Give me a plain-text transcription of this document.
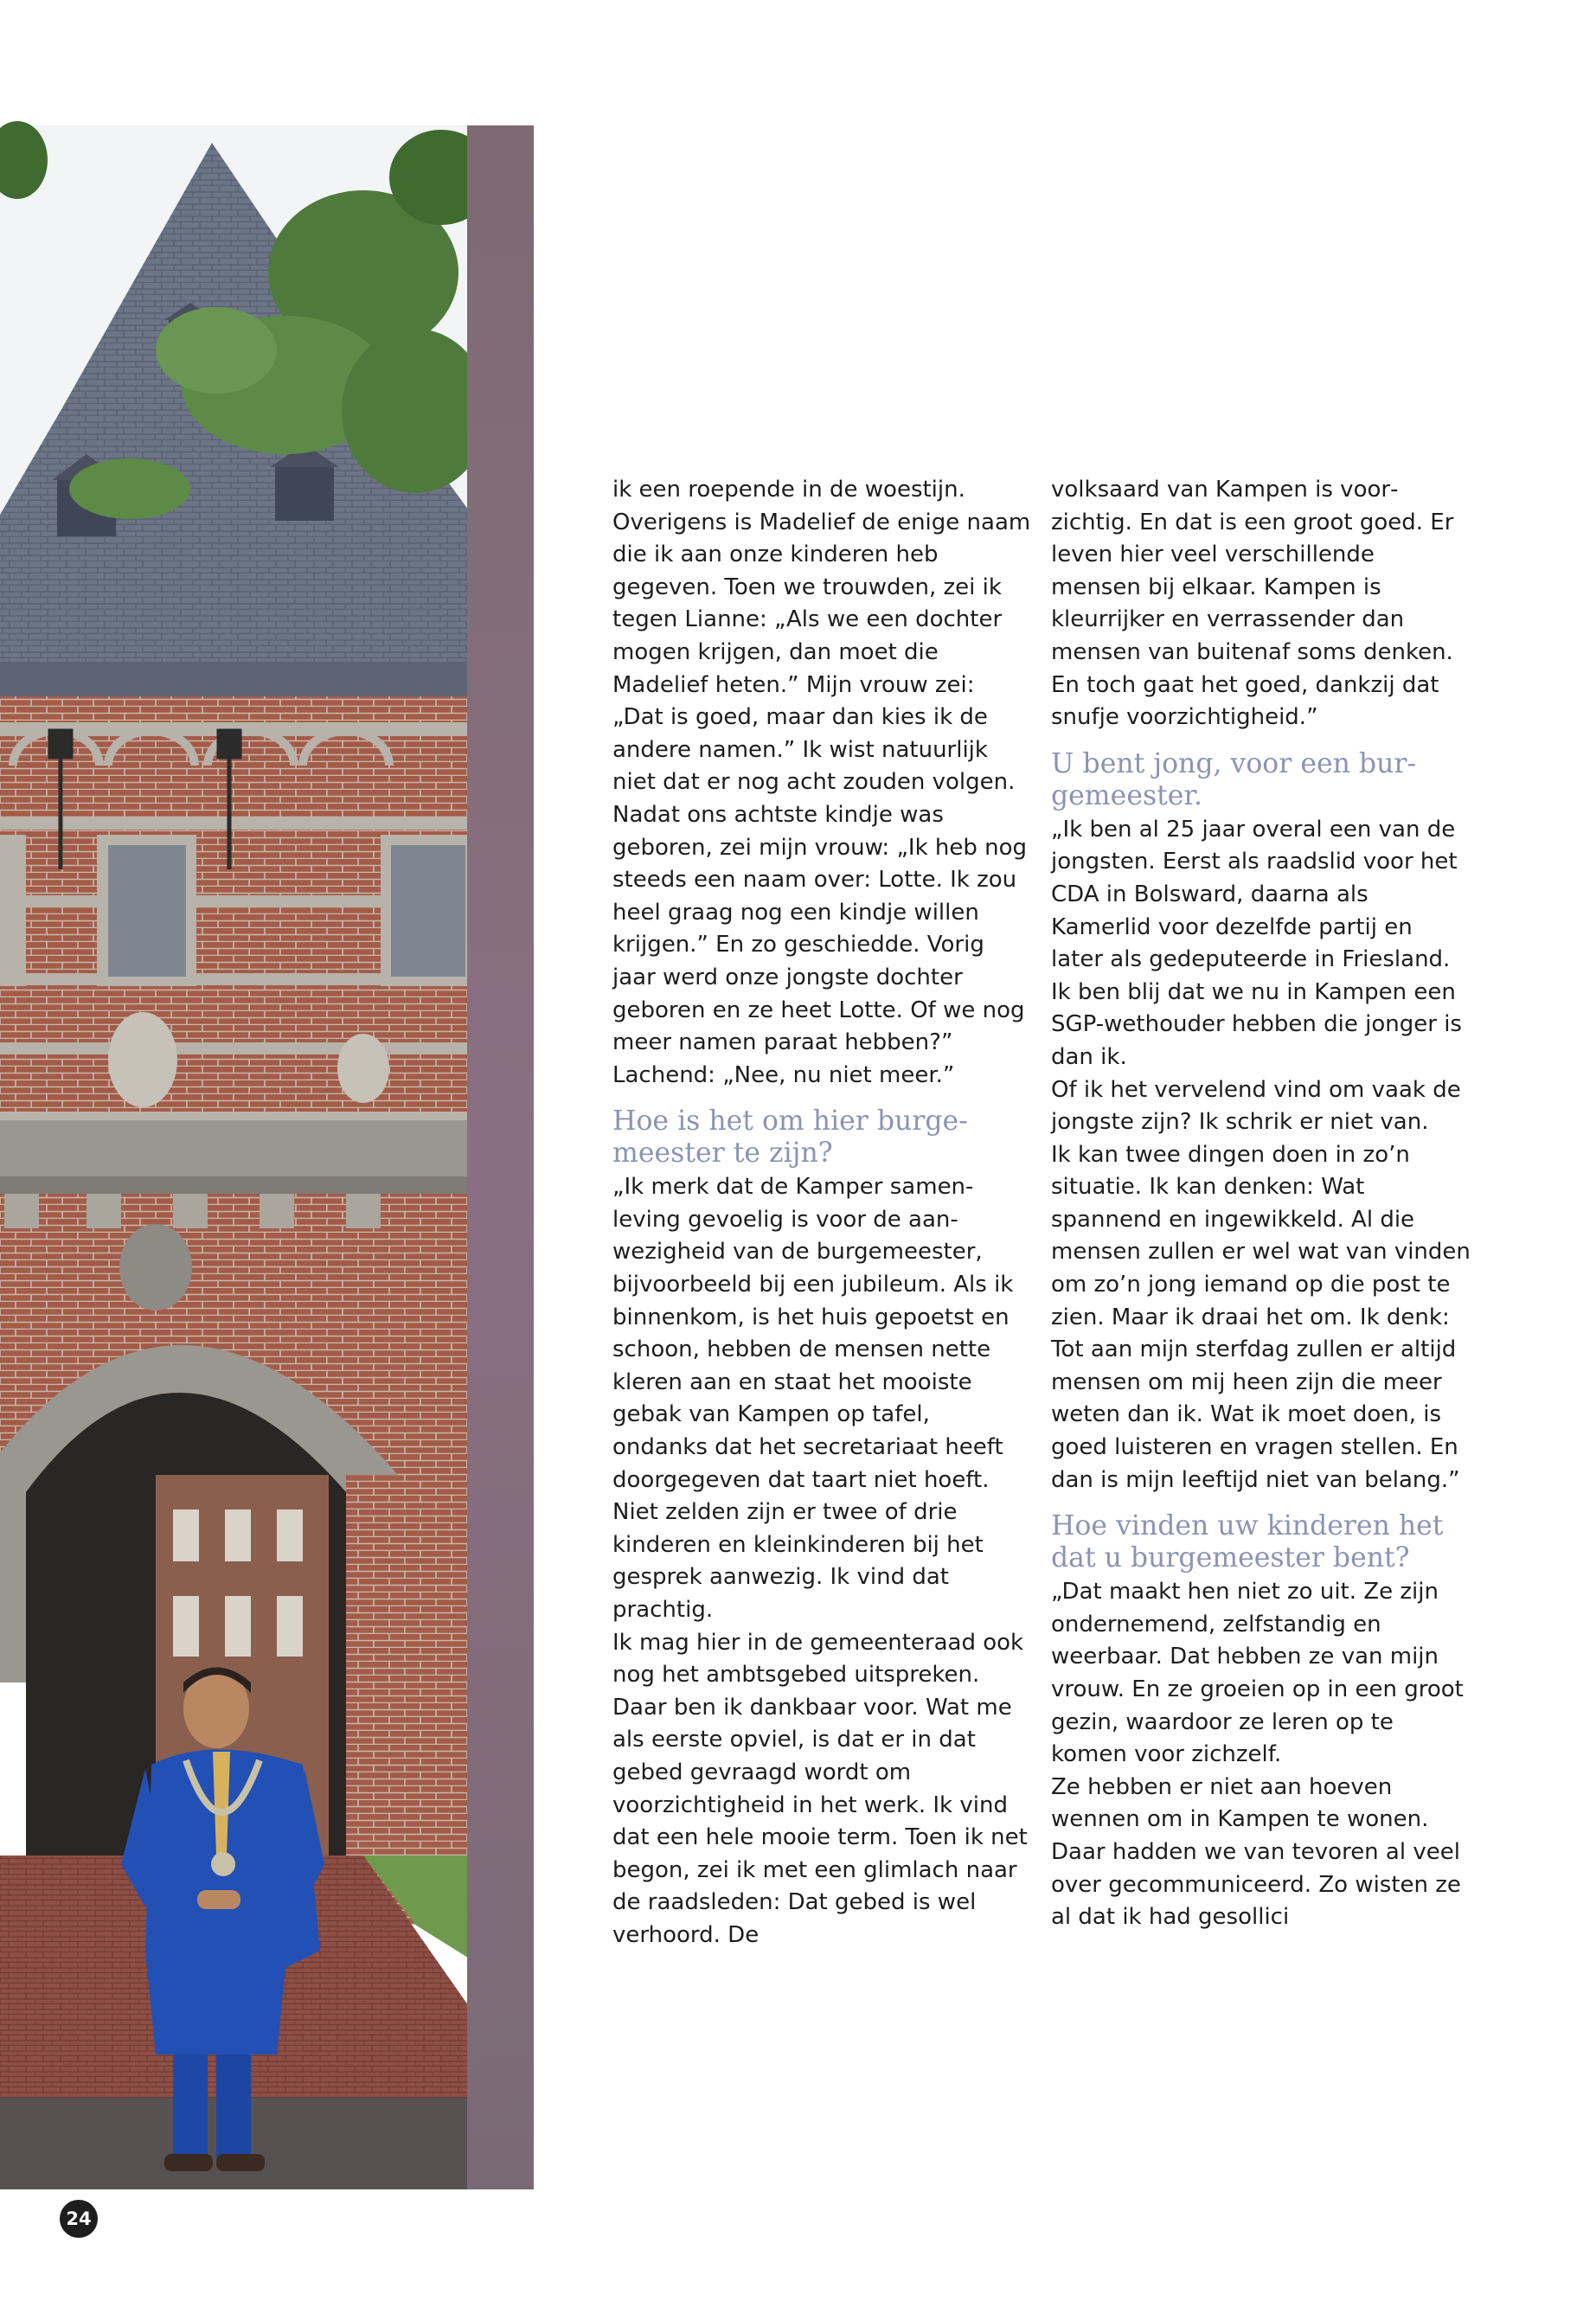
24

ik een roepende in de woestijn. Overigens is Madelief de enige naam die ik aan onze kinderen heb gegeven. Toen we trouwden, zei ik tegen Lianne: „Als we een dochter mogen krijgen, dan moet die Madelief heten.” Mijn vrouw zei: „Dat is goed, maar dan kies ik de andere namen.” Ik wist natuurlijk niet dat er nog acht zouden volgen.

Nadat ons achtste kindje was geboren, zei mijn vrouw: „Ik heb nog steeds een naam over: Lotte. Ik zou heel graag nog een kindje willen krijgen.” En zo geschiedde. Vorig jaar werd onze jongste dochter geboren en ze heet Lotte. Of we nog meer namen paraat hebben?” Lachend: „Nee, nu niet meer.”

Hoe is het om hier burgemeester te zijn?

„Ik merk dat de Kamper samenleving gevoelig is voor de aanwezigheid van de burgemeester, bijvoorbeeld bij een jubileum. Als ik binnenkom, is het huis gepoetst en schoon, hebben de mensen nette kleren aan en staat het mooiste gebak van Kampen op tafel, ondanks dat het secretariaat heeft doorgegeven dat taart niet hoeft. Niet zelden zijn er twee of drie kinderen en kleinkinderen bij het gesprek aanwezig. Ik vind dat prachtig.

Ik mag hier in de gemeenteraad ook nog het ambtsgebed uitspreken. Daar ben ik dankbaar voor. Wat me als eerste opviel, is dat er in dat gebed gevraagd wordt om voorzichtigheid in het werk. Ik vind dat een hele mooie term. Toen ik net begon, zei ik met een glimlach naar de raadsleden: Dat gebed is wel verhoord. De

volksaard van Kampen is voorzichtig. En dat is een groot goed. Er leven hier veel verschillende mensen bij elkaar. Kampen is kleurrijker en verrassender dan mensen van buitenaf soms denken. En toch gaat het goed, dankzij dat snufje voorzichtigheid.”

U bent jong, voor een burgemeester.

„Ik ben al 25 jaar overal een van de jongsten. Eerst als raadslid voor het CDA in Bolsward, daarna als Kamerlid voor dezelfde partij en later als gedeputeerde in Friesland. Ik ben blij dat we nu in Kampen een SGP-wethouder hebben die jonger is dan ik.

Of ik het vervelend vind om vaak de jongste zijn? Ik schrik er niet van.

Ik kan twee dingen doen in zo’n situatie. Ik kan denken: Wat spannend en ingewikkeld. Al die mensen zullen er wel wat van vinden om zo’n jong iemand op die post te zien. Maar ik draai het om. Ik denk: Tot aan mijn sterfdag zullen er altijd mensen om mij heen zijn die meer weten dan ik. Wat ik moet doen, is goed luisteren en vragen stellen. En dan is mijn leeftijd niet van belang.”

Hoe vinden uw kinderen het dat u burgemeester bent?

„Dat maakt hen niet zo uit. Ze zijn ondernemend, zelfstandig en weerbaar. Dat hebben ze van mijn vrouw. En ze groeien op in een groot gezin, waardoor ze leren op te komen voor zichzelf.

Ze hebben er niet aan hoeven wennen om in Kampen te wonen. Daar hadden we van tevoren al veel over gecommuniceerd. Zo wisten ze al dat ik had gesollici
